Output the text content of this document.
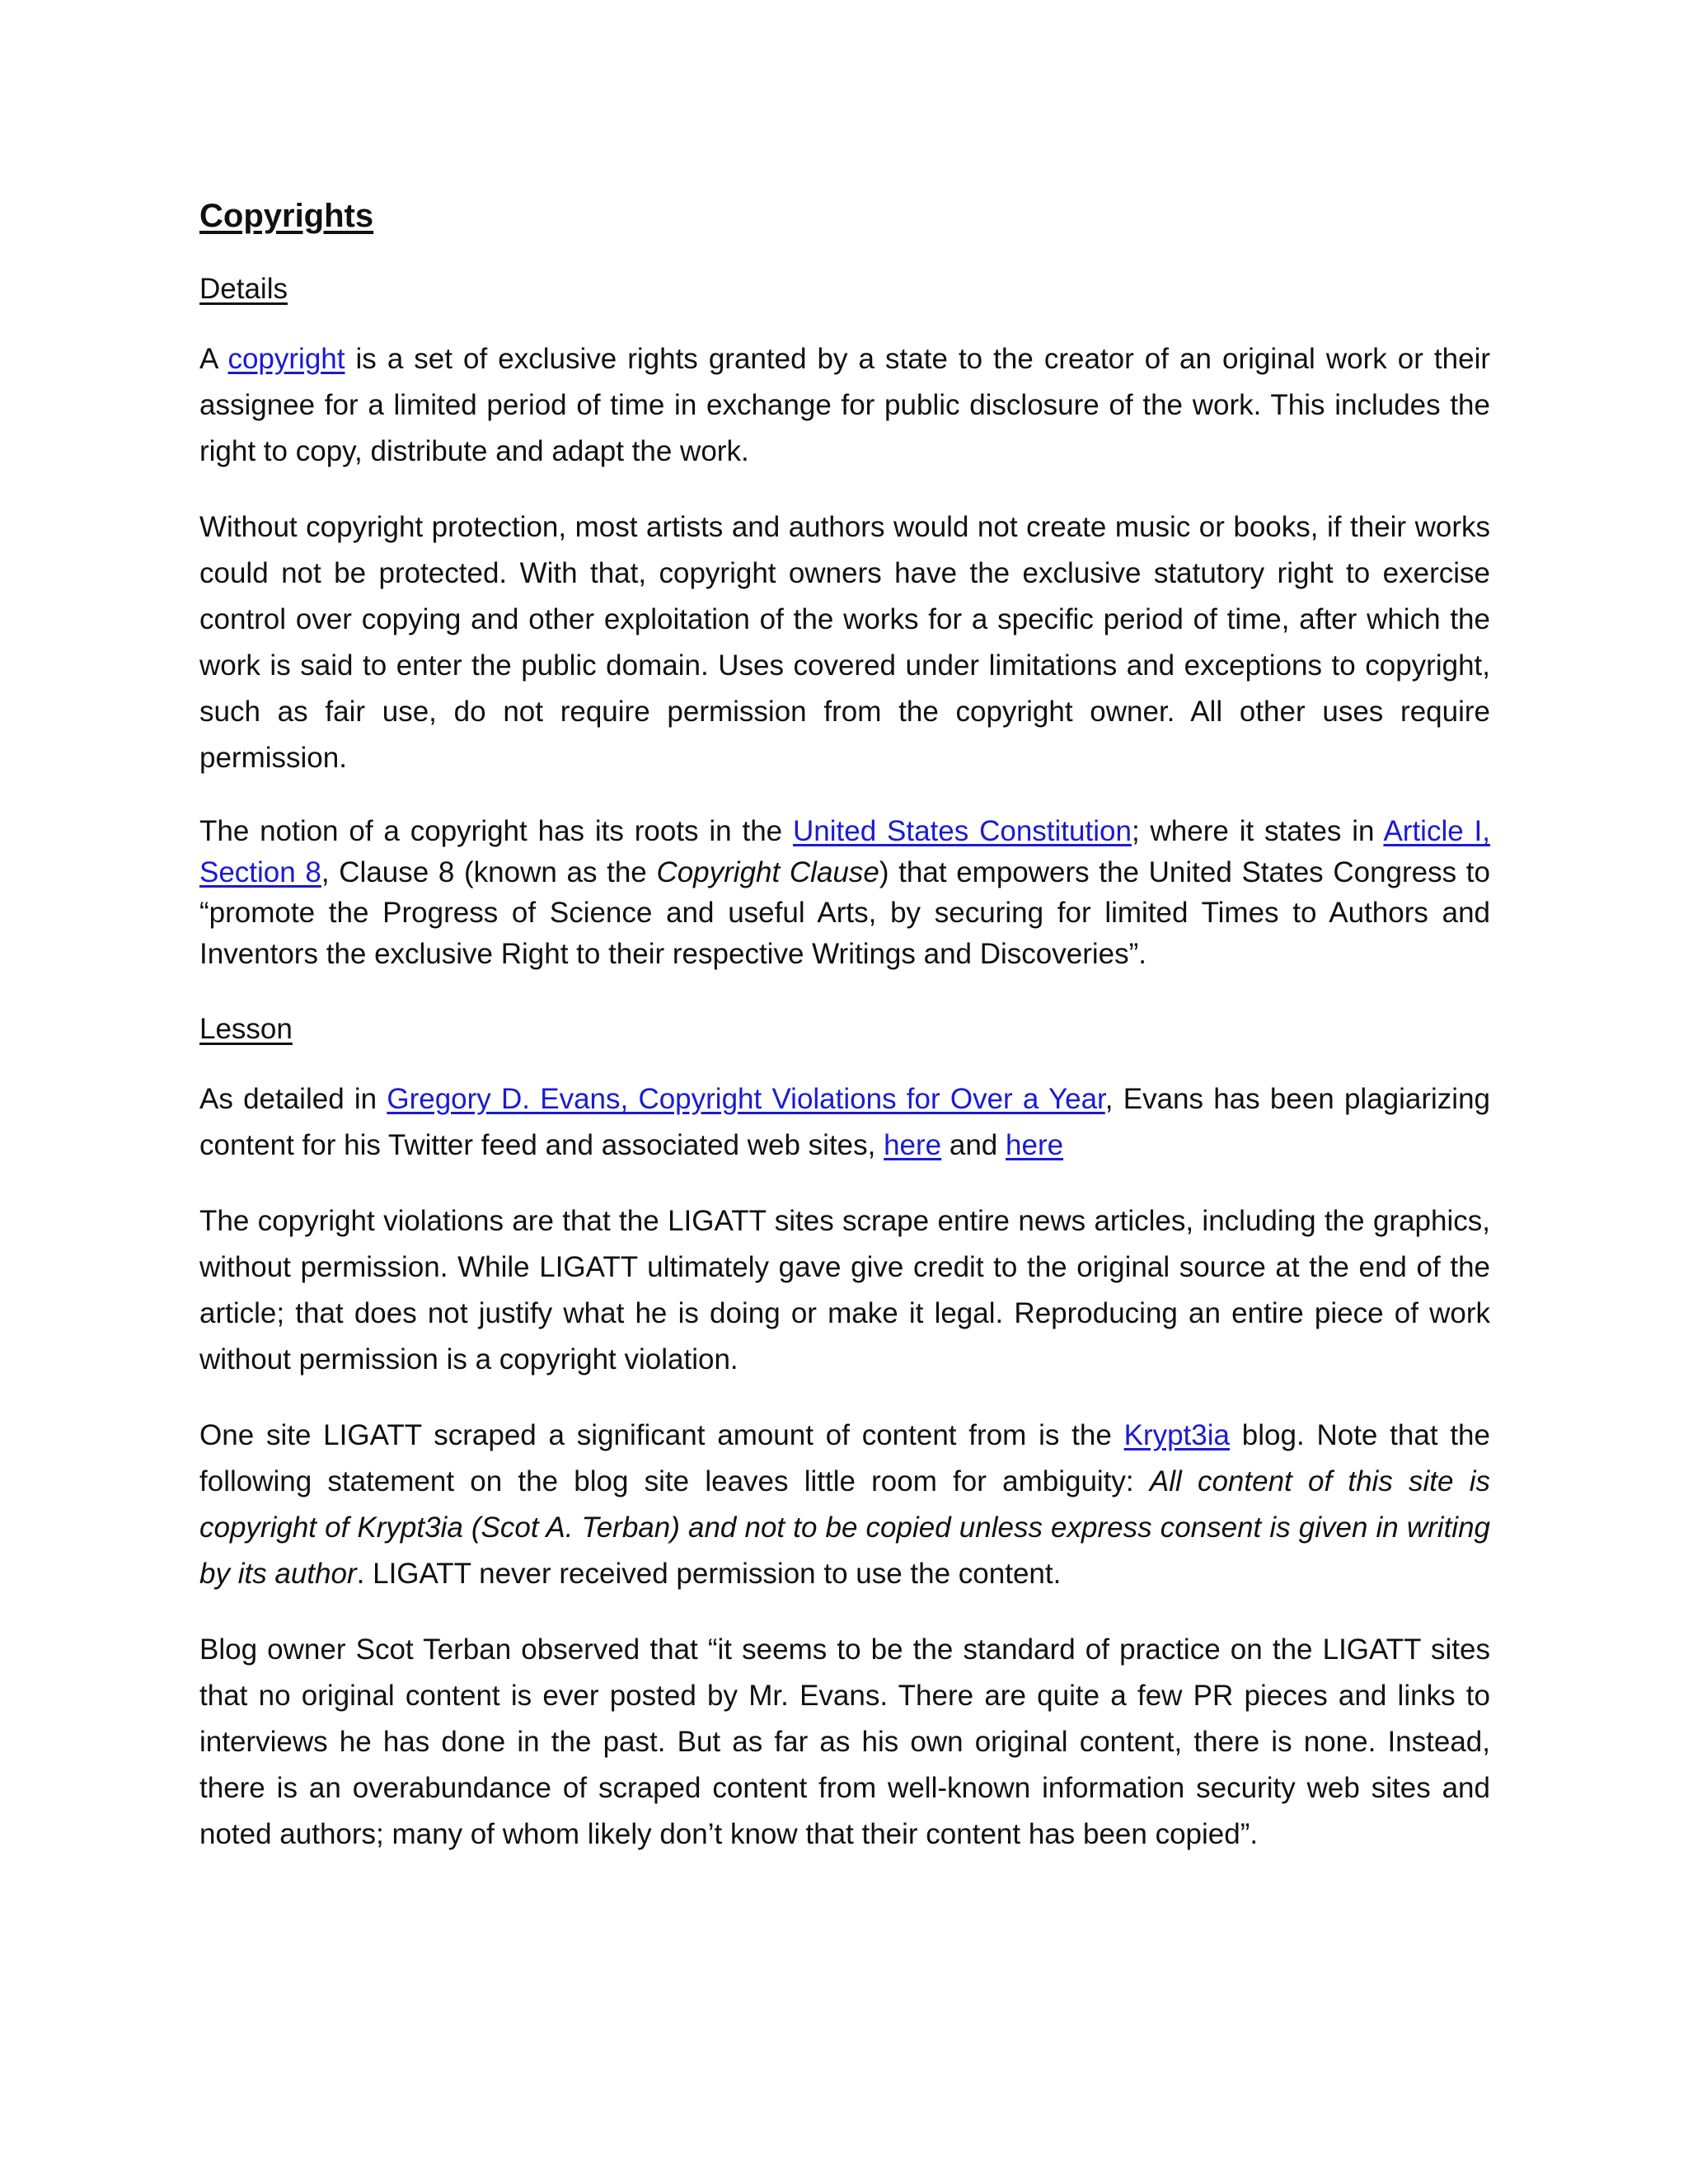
Copyrights
Details

A copyright is a set of exclusive rights granted by a state to the creator of an original work or their assignee for a limited period of time in exchange for public disclosure of the work. This includes the right to copy, distribute and adapt the work.

Without copyright protection, most artists and authors would not create music or books, if their works could not be protected. With that, copyright owners have the exclusive statutory right to exercise control over copying and other exploitation of the works for a specific period of time, after which the work is said to enter the public domain. Uses covered under limitations and exceptions to copyright, such as fair use, do not require permission from the copyright owner. All other uses require permission.

The notion of a copyright has its roots in the United States Constitution; where it states in Article I, Section 8, Clause 8 (known as the Copyright Clause) that empowers the United States Congress to “promote the Progress of Science and useful Arts, by securing for limited Times to Authors and Inventors the exclusive Right to their respective Writings and Discoveries”.

Lesson

As detailed in Gregory D. Evans, Copyright Violations for Over a Year, Evans has been plagiarizing content for his Twitter feed and associated web sites, here and here

The copyright violations are that the LIGATT sites scrape entire news articles, including the graphics, without permission. While LIGATT ultimately gave give credit to the original source at the end of the article; that does not justify what he is doing or make it legal. Reproducing an entire piece of work without permission is a copyright violation.

One site LIGATT scraped a significant amount of content from is the Krypt3ia blog. Note that the following statement on the blog site leaves little room for ambiguity: All content of this site is copyright of Krypt3ia (Scot A. Terban) and not to be copied unless express consent is given in writing by its author. LIGATT never received permission to use the content.

Blog owner Scot Terban observed that “it seems to be the standard of practice on the LIGATT sites that no original content is ever posted by Mr. Evans. There are quite a few PR pieces and links to interviews he has done in the past. But as far as his own original content, there is none. Instead, there is an overabundance of scraped content from well-known information security web sites and noted authors; many of whom likely don’t know that their content has been copied”.
